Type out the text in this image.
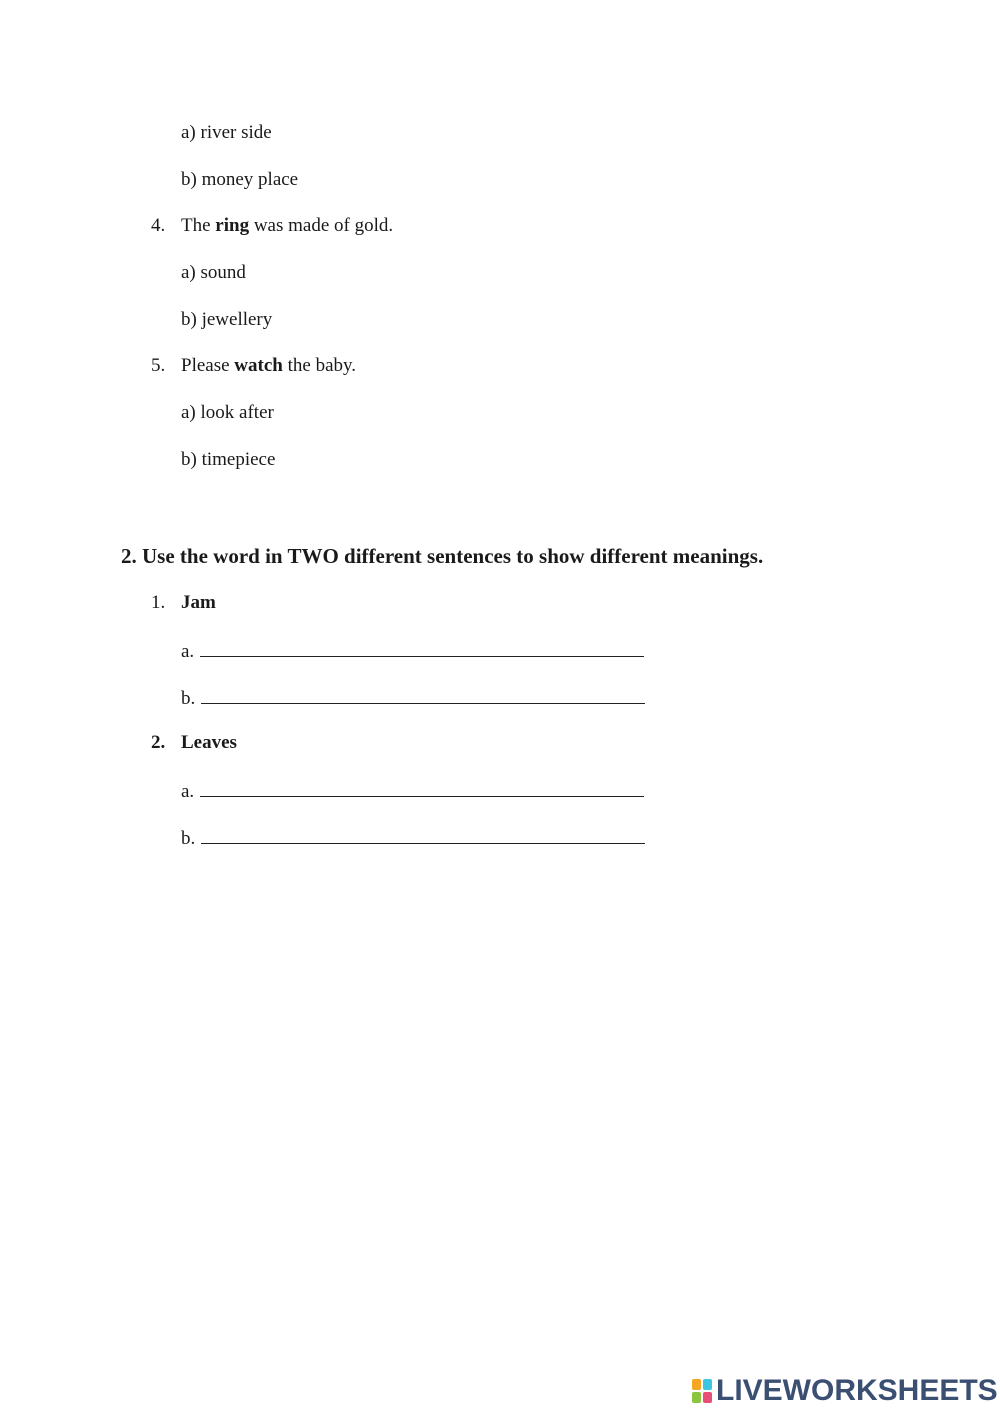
a) river side
b) money place
4. The ring was made of gold.
a) sound
b) jewellery
5. Please watch the baby.
a) look after
b) timepiece
2. Use the word in TWO different sentences to show different meanings.
1. Jam
a.
b.
2. Leaves
a.
b.
LIVEWORKSHEETS
